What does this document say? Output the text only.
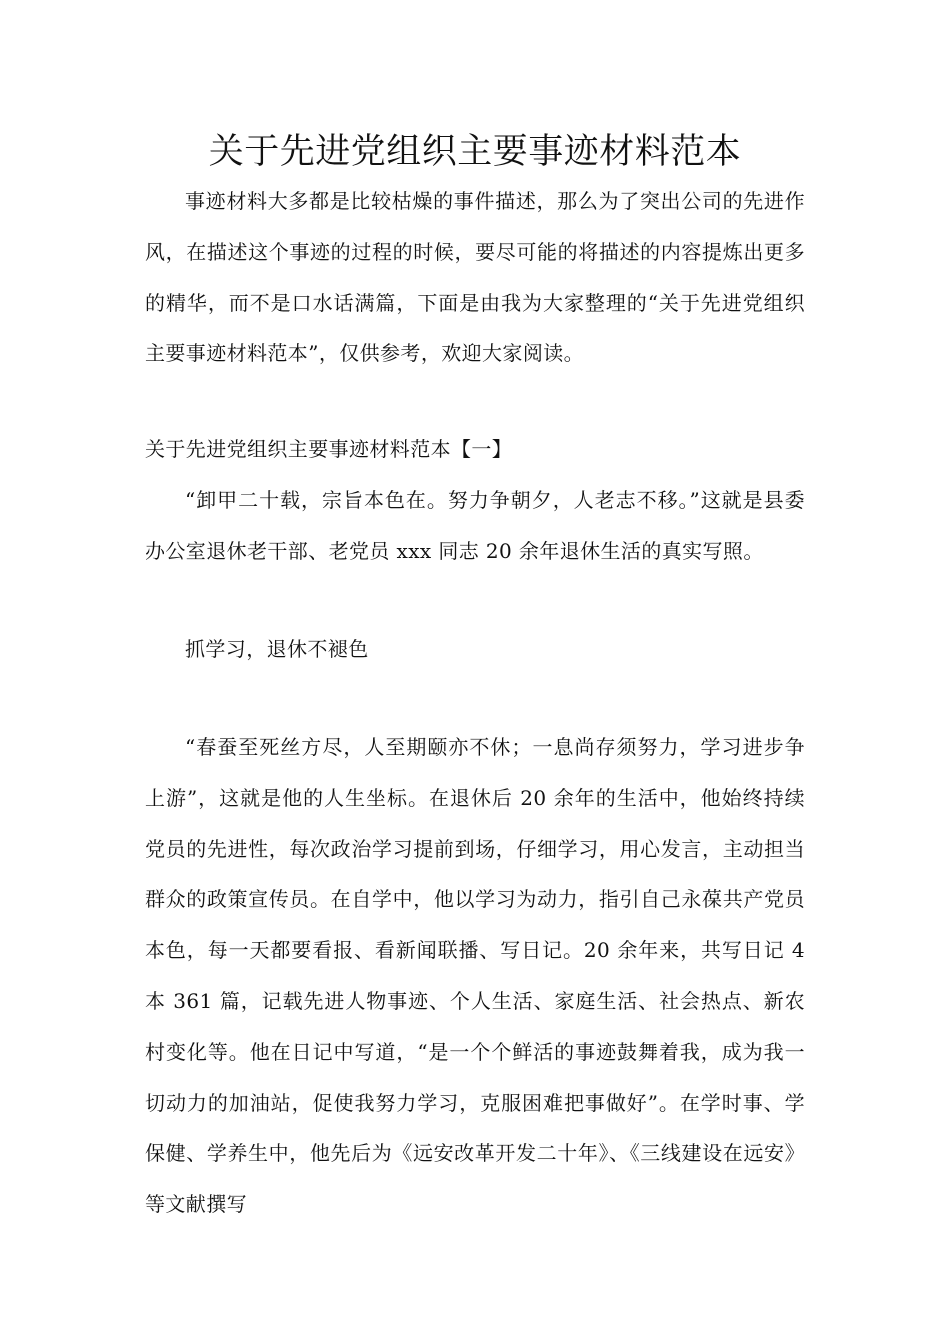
关于先进党组织主要事迹材料范本

事迹材料大多都是比较枯燥的事件描述，那么为了突出公司的先进作风，在描述这个事迹的过程的时候，要尽可能的将描述的内容提炼出更多的精华，而不是口水话满篇，下面是由我为大家整理的“关于先进党组织主要事迹材料范本”，仅供参考，欢迎大家阅读。

关于先进党组织主要事迹材料范本【一】

“卸甲二十载，宗旨本色在。努力争朝夕，人老志不移。”这就是县委办公室退休老干部、老党员 xxx 同志 20 余年退休生活的真实写照。

抓学习，退休不褪色

“春蚕至死丝方尽，人至期颐亦不休；一息尚存须努力，学习进步争上游”，这就是他的人生坐标。在退休后 20 余年的生活中，他始终持续党员的先进性，每次政治学习提前到场，仔细学习，用心发言，主动担当群众的政策宣传员。在自学中，他以学习为动力，指引自己永葆共产党员本色，每一天都要看报、看新闻联播、写日记。20 余年来，共写日记 4 本 361 篇，记载先进人物事迹、个人生活、家庭生活、社会热点、新农村变化等。他在日记中写道，“是一个个鲜活的事迹鼓舞着我，成为我一切动力的加油站，促使我努力学习，克服困难把事做好”。在学时事、学保健、学养生中，他先后为《远安改革开发二十年》、《三线建设在远安》等文献撰写
